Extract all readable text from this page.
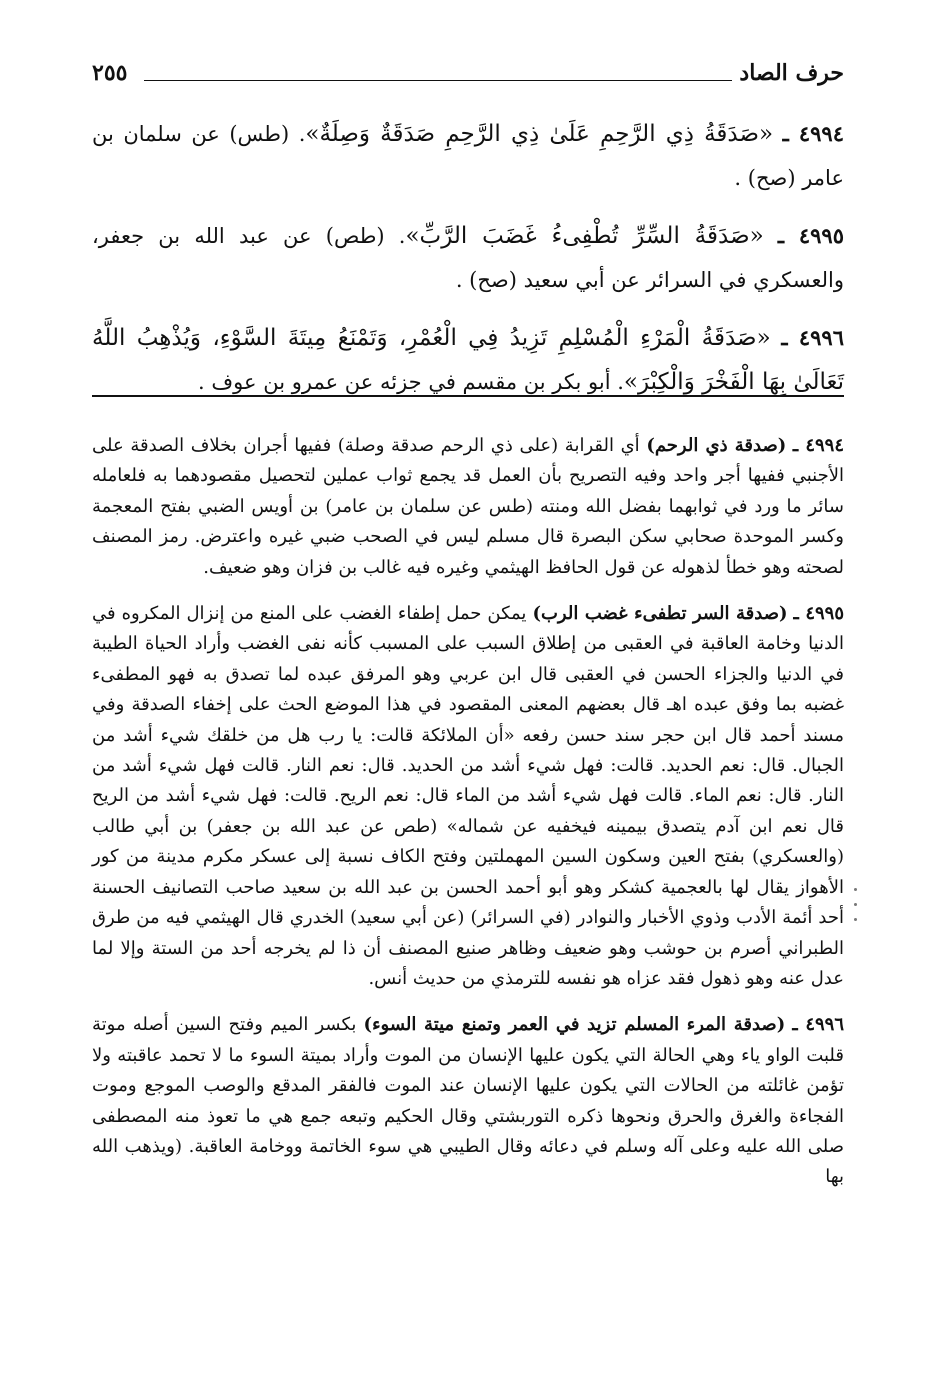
حرف الصاد
٢٥٥

٤٩٩٤ ـ «صَدَقَةُ ذِي الرَّحِمِ عَلَىٰ ذِي الرَّحِمِ صَدَقَةٌ وَصِلَةٌ». (طس) عن سلمان بن عامر (صح) .

٤٩٩٥ ـ «صَدَقَةُ السِّرِّ تُطْفِىءُ غَضَبَ الرَّبِّ». (طص) عن عبد الله بن جعفر، والعسكري في السرائر عن أبي سعيد (صح) .

٤٩٩٦ ـ «صَدَقَةُ الْمَرْءِ الْمُسْلِمِ تَزِيدُ فِي الْعُمْرِ، وَتَمْنَعُ مِيتَةَ السَّوْءِ، وَيُذْهِبُ اللَّهُ تَعَالَىٰ بِهَا الْفَخْرَ وَالْكِبْرَ». أبو بكر بن مقسم في جزئه عن عمرو بن عوف .

٤٩٩٤ ـ (صدقة ذي الرحم) أي القرابة (على ذي الرحم صدقة وصلة) ففيها أجران بخلاف الصدقة على الأجنبي ففيها أجر واحد وفيه التصريح بأن العمل قد يجمع ثواب عملين لتحصيل مقصودهما به فلعامله سائر ما ورد في ثوابهما بفضل الله ومنته (طس عن سلمان بن عامر) بن أويس الضبي بفتح المعجمة وكسر الموحدة صحابي سكن البصرة قال مسلم ليس في الصحب ضبي غيره واعترض. رمز المصنف لصحته وهو خطأ لذهوله عن قول الحافظ الهيثمي وغيره فيه غالب بن فزان وهو ضعيف.

٤٩٩٥ ـ (صدقة السر تطفىء غضب الرب) يمكن حمل إطفاء الغضب على المنع من إنزال المكروه في الدنيا وخامة العاقبة في العقبى من إطلاق السبب على المسبب كأنه نفى الغضب وأراد الحياة الطيبة في الدنيا والجزاء الحسن في العقبى قال ابن عربي وهو المرفق عبده لما تصدق به فهو المطفىء غضبه بما وفق عبده اهـ قال بعضهم المعنى المقصود في هذا الموضع الحث على إخفاء الصدقة وفي مسند أحمد قال ابن حجر سند حسن رفعه «أن الملائكة قالت: يا رب هل من خلقك شيء أشد من الجبال. قال: نعم الحديد. قالت: فهل شيء أشد من الحديد. قال: نعم النار. قالت فهل شيء أشد من النار. قال: نعم الماء. قالت فهل شيء أشد من الماء قال: نعم الريح. قالت: فهل شيء أشد من الريح قال نعم ابن آدم يتصدق بيمينه فيخفيه عن شماله» (طص عن عبد الله بن جعفر) بن أبي طالب (والعسكري) بفتح العين وسكون السين المهملتين وفتح الكاف نسبة إلى عسكر مكرم مدينة من كور الأهواز يقال لها بالعجمية كشكر وهو أبو أحمد الحسن بن عبد الله بن سعيد صاحب التصانيف الحسنة أحد أئمة الأدب وذوي الأخبار والنوادر (في السرائر) (عن أبي سعيد) الخدري قال الهيثمي فيه من طرق الطبراني أصرم بن حوشب وهو ضعيف وظاهر صنيع المصنف أن ذا لم يخرجه أحد من الستة وإلا لما عدل عنه وهو ذهول فقد عزاه هو نفسه للترمذي من حديث أنس.

٤٩٩٦ ـ (صدقة المرء المسلم تزيد في العمر وتمنع ميتة السوء) بكسر الميم وفتح السين أصله موتة قلبت الواو ياء وهي الحالة التي يكون عليها الإنسان من الموت وأراد بميتة السوء ما لا تحمد عاقبته ولا تؤمن غائلته من الحالات التي يكون عليها الإنسان عند الموت فالفقر المدقع والوصب الموجع وموت الفجاءة والغرق والحرق ونحوها ذكره التوربشتي وقال الحكيم وتبعه جمع هي ما تعوذ منه المصطفى صلى الله عليه وعلى آله وسلم في دعائه وقال الطيبي هي سوء الخاتمة ووخامة العاقبة. (ويذهب الله بها
